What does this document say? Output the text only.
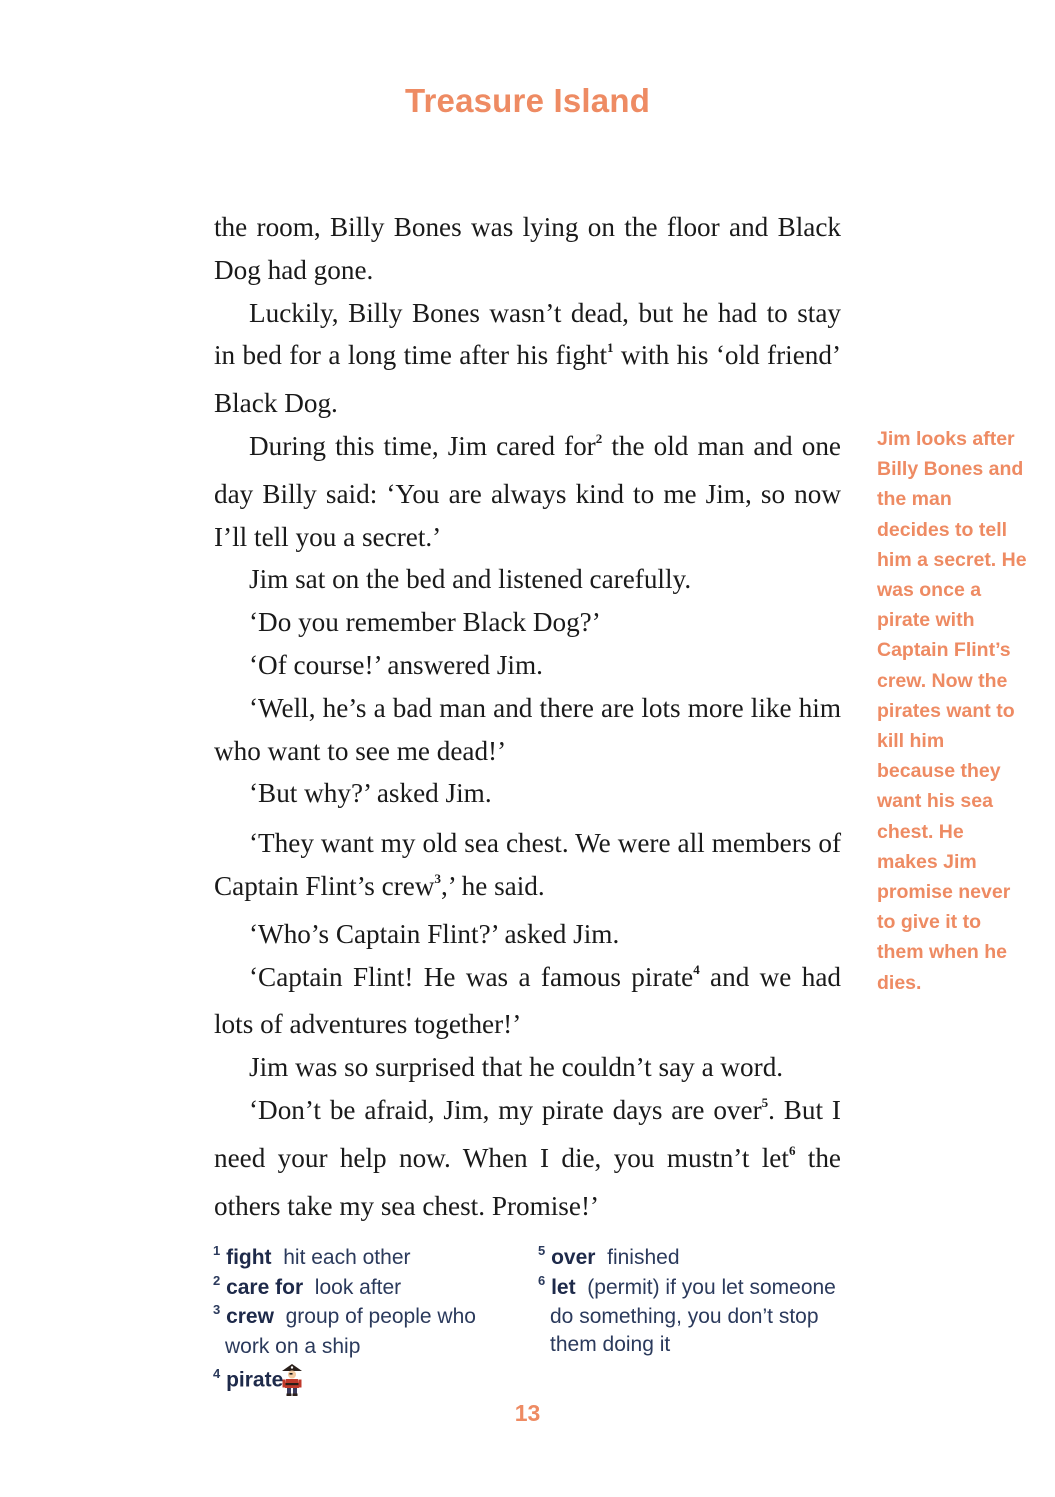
Treasure Island

the room, Billy Bones was lying on the floor and Black Dog had gone.

Luckily, Billy Bones wasn’t dead, but he had to stay in bed for a long time after his fight$^1$ with his ‘old friend’ Black Dog.

During this time, Jim cared for$^2$ the old man and one day Billy said: ‘You are always kind to me Jim, so now I’ll tell you a secret.’

Jim sat on the bed and listened carefully.

‘Do you remember Black Dog?’

‘Of course!’ answered Jim.

‘Well, he’s a bad man and there are lots more like him who want to see me dead!’

‘But why?’ asked Jim.

‘They want my old sea chest. We were all members of Captain Flint’s crew$^3$,’ he said.

‘Who’s Captain Flint?’ asked Jim.

‘Captain Flint! He was a famous pirate$^4$ and we had lots of adventures together!’

Jim was so surprised that he couldn’t say a word.

‘Don’t be afraid, Jim, my pirate days are over$^5$. But I need your help now. When I die, you mustn’t let$^6$ the others take my sea chest. Promise!’

Jim looks after Billy Bones and the man decides to tell him a secret. He was once a pirate with Captain Flint’s crew. Now the pirates want to kill him because they want his sea chest. He makes Jim promise never to give it to them when he dies.

$^1$ fight hit each other

$^2$ care for look after

$^3$ crew group of people who work on a ship

$^4$ pirate

$^5$ over finished

$^6$ let (permit) if you let someone do something, you don’t stop them doing it

13
